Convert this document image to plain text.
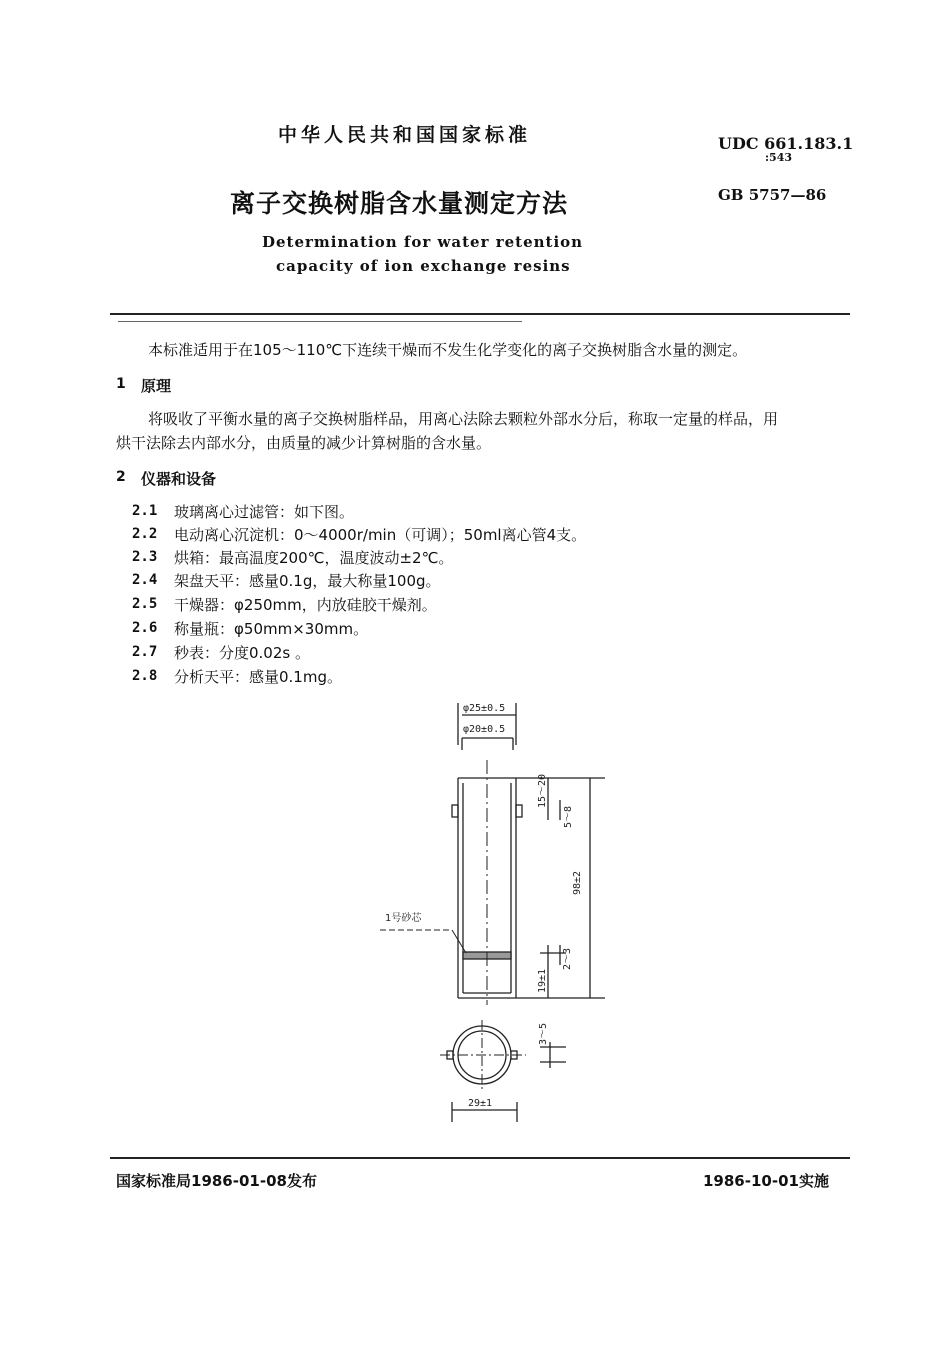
中华人民共和国国家标准	UDC 661.183.1
:543
离子交换树脂含水量测定方法	GB 5757—86
Determination for water retention
capacity of ion exchange resins
本标准适用于在105～110℃下连续干燥而不发生化学变化的离子交换树脂含水量的测定。
1 原理
将吸收了平衡水量的离子交换树脂样品，用离心法除去颗粒外部水分后，称取一定量的样品，用
烘干法除去内部水分，由质量的减少计算树脂的含水量。
2 仪器和设备
2.1 玻璃离心过滤管：如下图。
2.2 电动离心沉淀机：0～4000r/min（可调）；50ml离心管4支。
2.3 烘箱：最高温度200℃，温度波动±2℃。
2.4 架盘天平：感量0.1g，最大称量100g。
2.5 干燥器：φ250mm，内放硅胶干燥剂。
2.6 称量瓶：φ50mm×30mm。
2.7 秒表：分度0.02s 。
2.8 分析天平：感量0.1mg。
φ25±0.5
φ20±0.5
29±1
1号砂芯
15～20
5～8
98±2
19±1
2～3
3～5
国家标准局1986-01-08发布	1986-10-01实施
